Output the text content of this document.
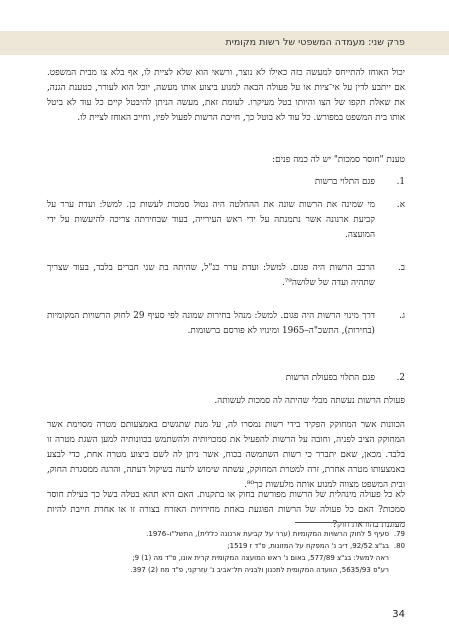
פרק שני: מעמדה המשפטי של רשות מקומית

יכול האוחז להתייחס למעשה כזה כאילו לא נוצר, ורשאי הוא שלא לציית לו, אף בלא צו מבית המשפט. אם ייתבע לדין על אי־ציות או על פעולה הבאה למנוע ביצוע אותו מעשה, יוכל הוא לעורר, כטענת הגנה, את שאלת תקפו של הצו והיותו בטל מעיקרו. לעומת זאת, מעשה הניתן להיבטל קיים כל עוד לא ביטל אותו בית המשפט במפורש. כל עוד לא בוטל כך, חייבת הרשות לפעול לפיו, וחייב האוחז לציית לו.

טענת "חוסר סמכות" יש לה כמה פנים:

1.
פגם התלוי ברשות
א.
מי שמינה את הרשות שונה את ההחלטה היה נטול סמכות לעשות כן. למשל: ועדת ערר על קביעת ארנונה אשר נתמנתה על ידי ראש העירייה, בעוד שבחירתה צריכה להיעשות על ידי המועצה.
ב.
הרכב הרשות היה פגום. למשל: ועדת ערר כנ"ל, שהיתה בת שני חברים בלבד, בעוד שצריך שתהיה ועדה של שלושה⁷⁹.
ג.
דרך מינוי הרשות היה פגום. למשל: מנהל בחירות שמונה לפי סעיף 29 לחוק הרשויות המקומיות (בחירות), התשכ"ה–1965 ומינויו לא פורסם ברשומות.
2.
פגם התלוי בפעולת הרשות

פעולת הרשות נעשתה מבלי שהיתה לה סמכות לעשותה.

הכוונות אשר המחוקק הפקיד בידי רשות נמסרו לה, על מנת שתגשים באמצעותם מטרה מסוימת אשר המחוקק הציב לפניה, וחובה על הרשות להפעיל את סמכויותיה ולהשתמש בכוונותיה למען השגת מטרה זו בלבד. מכאן, שאם יתברר כי רשות השתמשה בכוח, אשר ניתן לה לשם ביצוע מטרה אחת, כדי לבצע באמצעותו מטרה אחרת, זרה למטרת המחוקק, עשתה שימוש לרעה בשיקול דעתה, והרגה ממסגרת החוק, ובית המשפט מצווה למנוע אותה מלעשות כך⁸⁰.

לא כל פעולה מינהלית של הרשות מפורשת בחוק או בתקנות. האם היא תהא בטלה בשל כך בעילת חוסר סמכות? האם כל פעולה של הרשות הפוגעת באחת מחירויות האזרח בצורה זו או אחרת חייבת להיות מעוגנת בהוראת חוק?

79.סעיף 5 לחוק הרשויות המקומיות (ערר על קביעת ארנונה כללית), התשל"ו–1976.
80.בג"צ 92/52, דיב נ' המפקח על המזונות, פ"ד ז 1519;
ראה למשל: בג"צ 577/89, באום נ' ראש המועצה המקומית קרית אונו, פ"ד מה (1) 9;
רע"פ 5635/93, הוועדה המקומית לתכנון ולבניה תל־אביב נ' עזרקני, פ"ד מח (2) 397.
34
